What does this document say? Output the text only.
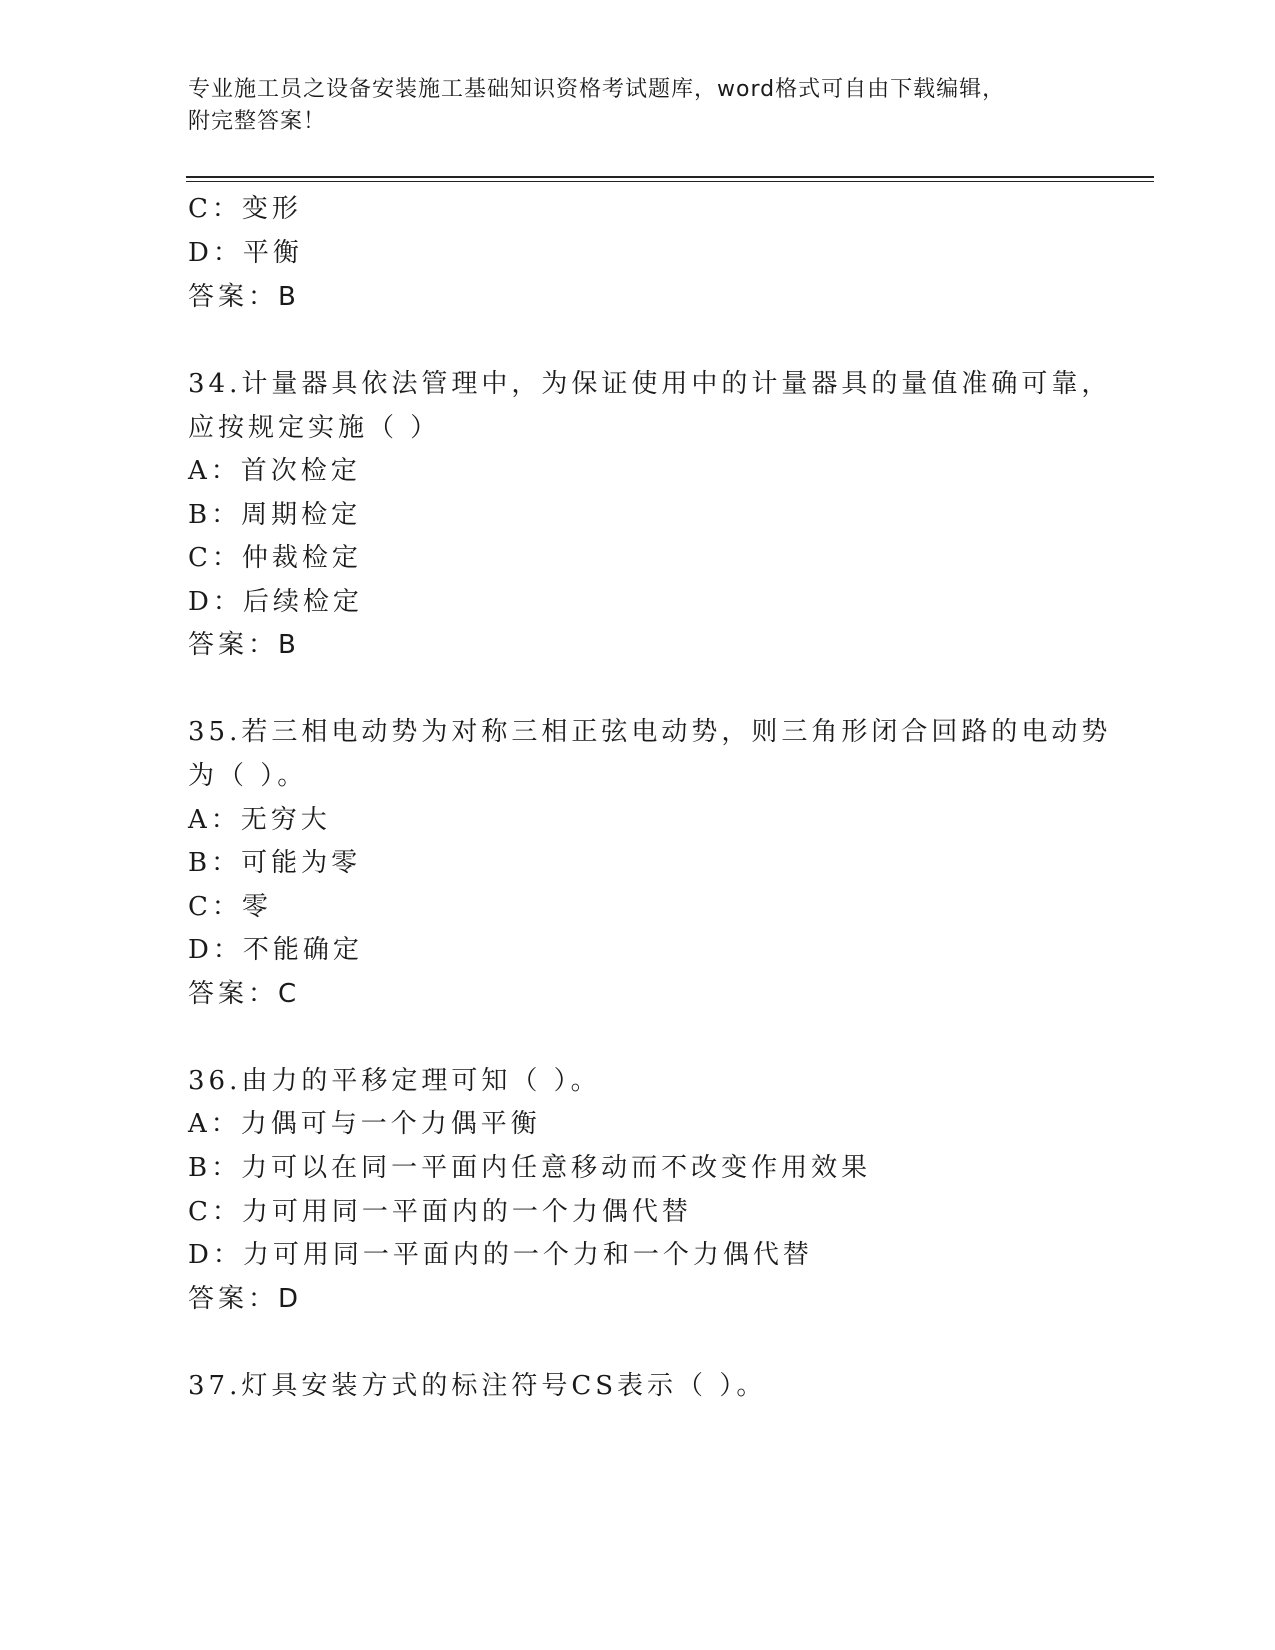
专业施工员之设备安装施工基础知识资格考试题库，word格式可自由下载编辑，
附完整答案！
C：变形
D：平衡
答案：B
34.计量器具依法管理中，为保证使用中的计量器具的量值准确可靠，
应按规定实施（ ）
A：首次检定
B：周期检定
C：仲裁检定
D：后续检定
答案：B
35.若三相电动势为对称三相正弦电动势，则三角形闭合回路的电动势
为（ ）。
A：无穷大
B：可能为零
C：零
D：不能确定
答案：C
36.由力的平移定理可知（ ）。
A：力偶可与一个力偶平衡
B：力可以在同一平面内任意移动而不改变作用效果
C：力可用同一平面内的一个力偶代替
D：力可用同一平面内的一个力和一个力偶代替
答案：D
37.灯具安装方式的标注符号CS表示（ ）。
